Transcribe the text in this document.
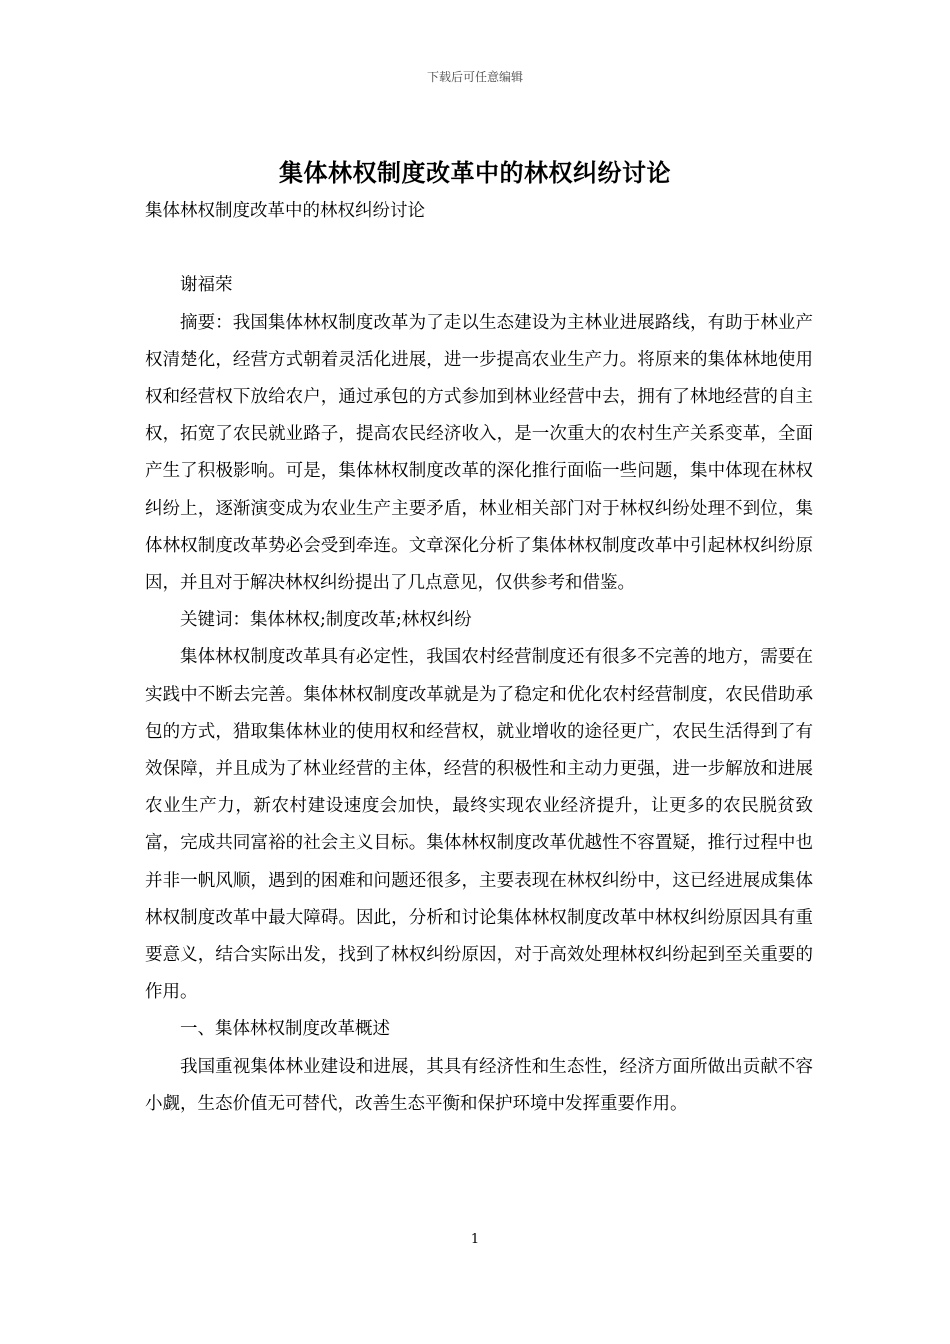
下载后可任意编辑
集体林权制度改革中的林权纠纷讨论

集体林权制度改革中的林权纠纷讨论

谢福荣

摘要：我国集体林权制度改革为了走以生态建设为主林业进展路线，有助于林业产权清楚化，经营方式朝着灵活化进展，进一步提高农业生产力。将原来的集体林地使用权和经营权下放给农户，通过承包的方式参加到林业经营中去，拥有了林地经营的自主权，拓宽了农民就业路子，提高农民经济收入，是一次重大的农村生产关系变革，全面产生了积极影响。可是，集体林权制度改革的深化推行面临一些问题，集中体现在林权纠纷上，逐渐演变成为农业生产主要矛盾，林业相关部门对于林权纠纷处理不到位，集体林权制度改革势必会受到牵连。文章深化分析了集体林权制度改革中引起林权纠纷原因，并且对于解决林权纠纷提出了几点意见，仅供参考和借鉴。

关键词：集体林权;制度改革;林权纠纷

集体林权制度改革具有必定性，我国农村经营制度还有很多不完善的地方，需要在实践中不断去完善。集体林权制度改革就是为了稳定和优化农村经营制度，农民借助承包的方式，猎取集体林业的使用权和经营权，就业增收的途径更广，农民生活得到了有效保障，并且成为了林业经营的主体，经营的积极性和主动力更强，进一步解放和进展农业生产力，新农村建设速度会加快，最终实现农业经济提升，让更多的农民脱贫致富，完成共同富裕的社会主义目标。集体林权制度改革优越性不容置疑，推行过程中也并非一帆风顺，遇到的困难和问题还很多，主要表现在林权纠纷中，这已经进展成集体林权制度改革中最大障碍。因此，分析和讨论集体林权制度改革中林权纠纷原因具有重要意义，结合实际出发，找到了林权纠纷原因，对于高效处理林权纠纷起到至关重要的作用。

一、集体林权制度改革概述

我国重视集体林业建设和进展，其具有经济性和生态性，经济方面所做出贡献不容小觑，生态价值无可替代，改善生态平衡和保护环境中发挥重要作用。

1
